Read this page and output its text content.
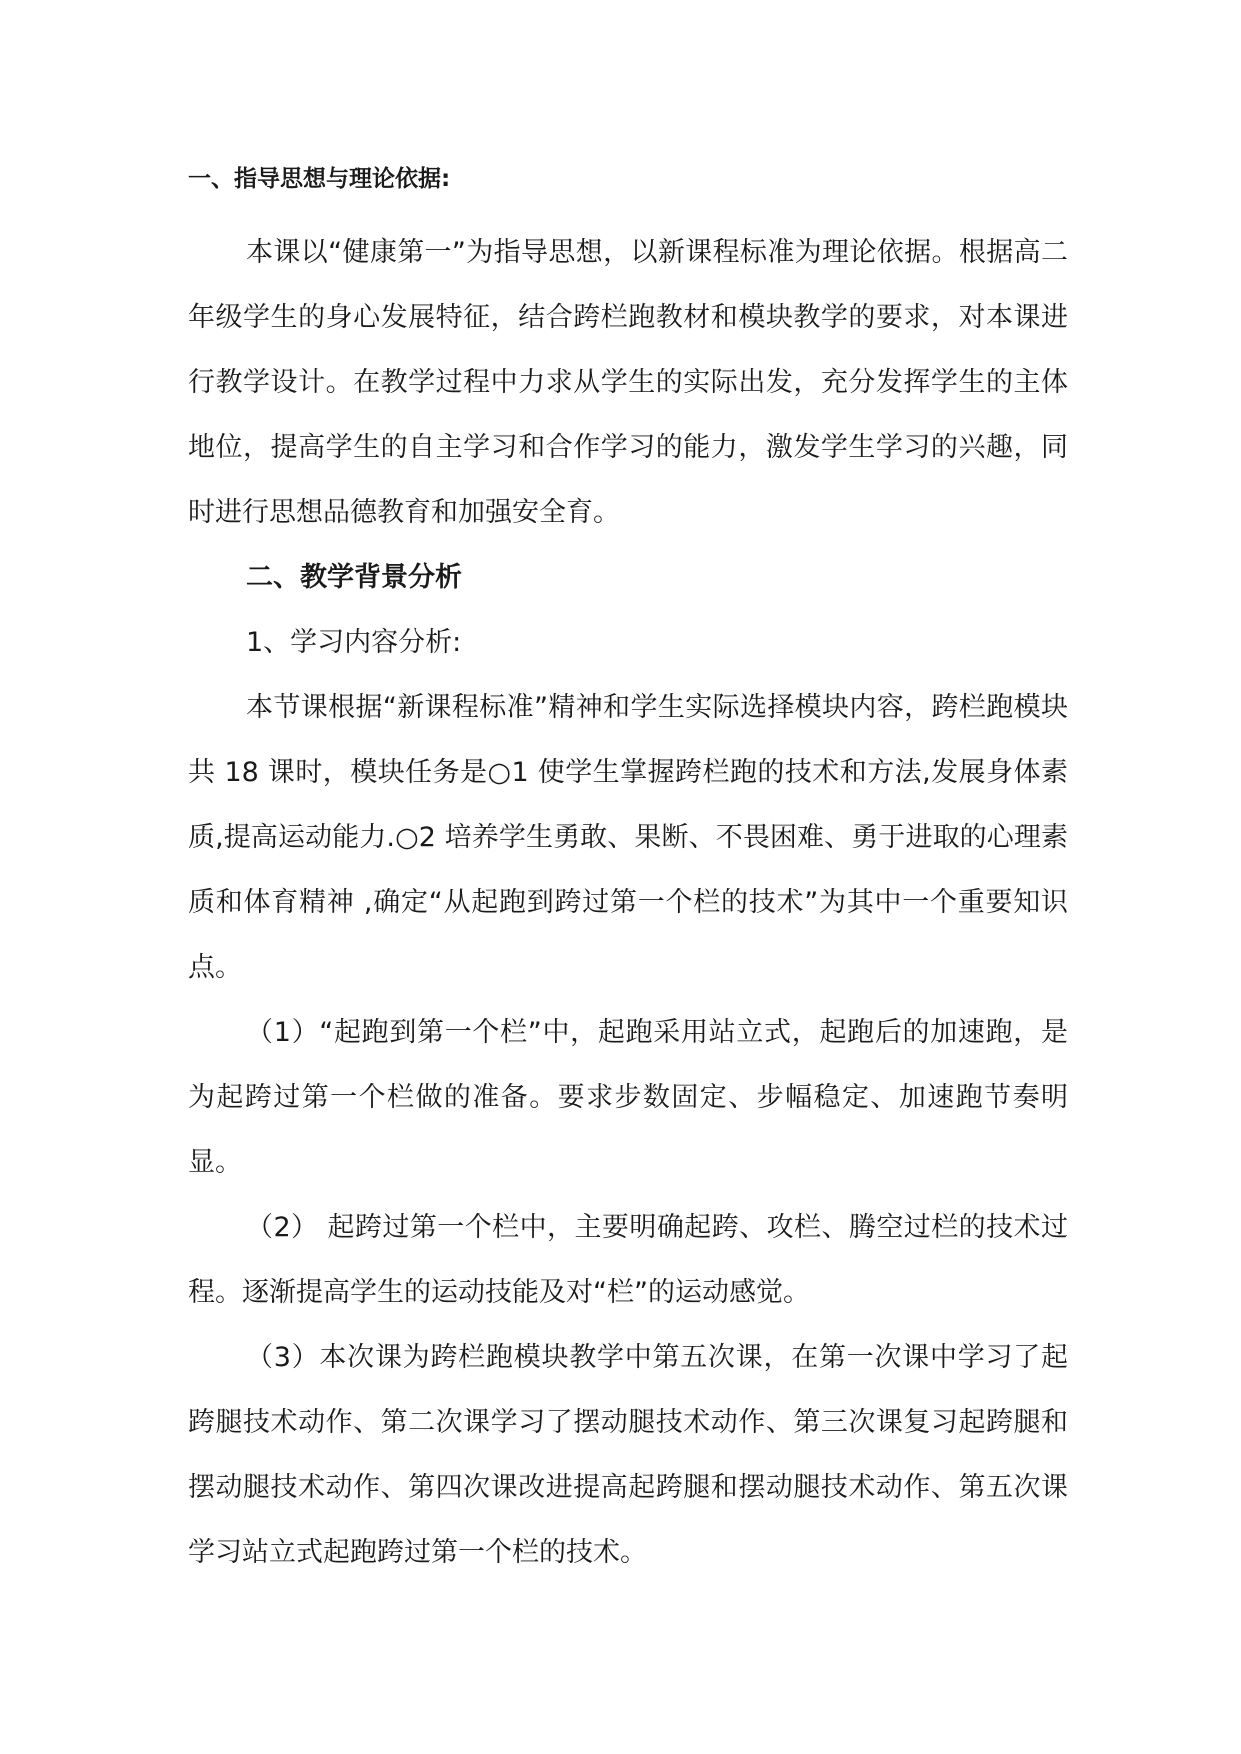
一、指导思想与理论依据:

本课以“健康第一”为指导思想，以新课程标准为理论依据。根据高二年级学生的身心发展特征，结合跨栏跑教材和模块教学的要求，对本课进行教学设计。在教学过程中力求从学生的实际出发，充分发挥学生的主体地位，提高学生的自主学习和合作学习的能力，激发学生学习的兴趣，同时进行思想品德教育和加强安全育。

二、教学背景分析

1、学习内容分析:

本节课根据“新课程标准”精神和学生实际选择模块内容，跨栏跑模块共 18 课时，模块任务是○1 使学生掌握跨栏跑的技术和方法,发展身体素质,提高运动能力.○2 培养学生勇敢、果断、不畏困难、勇于进取的心理素质和体育精神 ,确定“从起跑到跨过第一个栏的技术”为其中一个重要知识点。

（1）“起跑到第一个栏”中，起跑采用站立式，起跑后的加速跑，是为起跨过第一个栏做的准备。要求步数固定、步幅稳定、加速跑节奏明显。

（2） 起跨过第一个栏中，主要明确起跨、攻栏、腾空过栏的技术过程。逐渐提高学生的运动技能及对“栏”的运动感觉。

（3）本次课为跨栏跑模块教学中第五次课，在第一次课中学习了起跨腿技术动作、第二次课学习了摆动腿技术动作、第三次课复习起跨腿和摆动腿技术动作、第四次课改进提高起跨腿和摆动腿技术动作、第五次课学习站立式起跑跨过第一个栏的技术。
